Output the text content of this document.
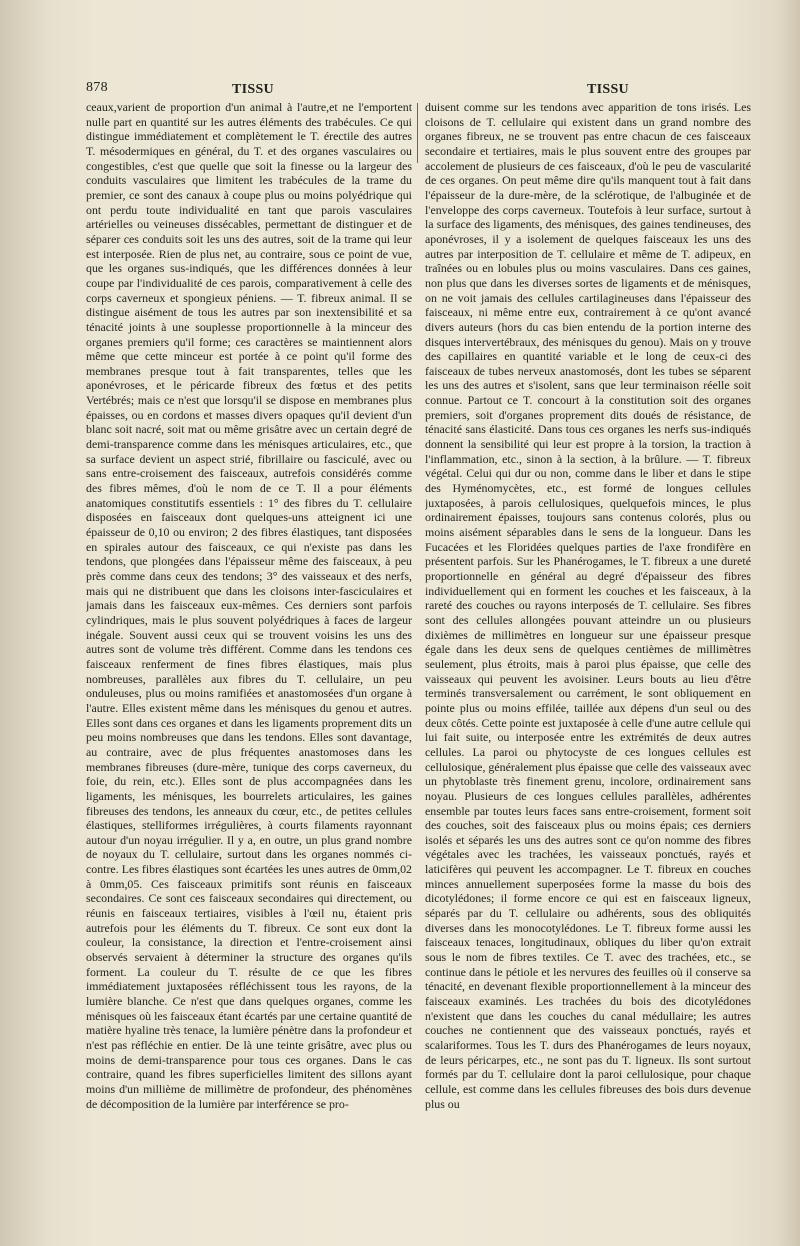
878	TISSU	TISSU

ceaux,varient de proportion d'un animal à l'autre,et ne l'emportent nulle part en quantité sur les autres éléments des trabécules. Ce qui distingue immédiatement et complètement le T. érectile des autres T. mésodermiques en général, du T. et des organes vasculaires ou congestibles, c'est que quelle que soit la finesse ou la largeur des conduits vasculaires que limitent les trabécules de la trame du premier, ce sont des canaux à coupe plus ou moins polyédrique qui ont perdu toute individualité en tant que parois vasculaires artérielles ou veineuses dissécables, permettant de distinguer et de séparer ces conduits soit les uns des autres, soit de la trame qui leur est interposée. Rien de plus net, au contraire, sous ce point de vue, que les organes sus-indiqués, que les différences données à leur coupe par l'individualité de ces parois, comparativement à celle des corps caverneux et spongieux péniens. — T. fibreux animal. Il se distingue aisément de tous les autres par son inextensibilité et sa ténacité joints à une souplesse proportionnelle à la minceur des organes premiers qu'il forme; ces caractères se maintiennent alors même que cette minceur est portée à ce point qu'il forme des membranes presque tout à fait transparentes, telles que les aponévroses, et le péricarde fibreux des fœtus et des petits Vertébrés; mais ce n'est que lorsqu'il se dispose en membranes plus épaisses, ou en cordons et masses divers opaques qu'il devient d'un blanc soit nacré, soit mat ou même grisâtre avec un certain degré de demi-transparence comme dans les ménisques articulaires, etc., que sa surface devient un aspect strié, fibrillaire ou fasciculé, avec ou sans entre-croisement des faisceaux, autrefois considérés comme des fibres mêmes, d'où le nom de ce T. Il a pour éléments anatomiques constitutifs essentiels : 1° des fibres du T. cellulaire disposées en faisceaux dont quelques-uns atteignent ici une épaisseur de 0,10 ou environ; 2 des fibres élastiques, tant disposées en spirales autour des faisceaux, ce qui n'existe pas dans les tendons, que plongées dans l'épaisseur même des faisceaux, à peu près comme dans ceux des tendons; 3° des vaisseaux et des nerfs, mais qui ne distribuent que dans les cloisons inter-fasciculaires et jamais dans les faisceaux eux-mêmes. Ces derniers sont parfois cylindriques, mais le plus souvent polyédriques à faces de largeur inégale. Souvent aussi ceux qui se trouvent voisins les uns des autres sont de volume très différent. Comme dans les tendons ces faisceaux renferment de fines fibres élastiques, mais plus nombreuses, parallèles aux fibres du T. cellulaire, un peu onduleuses, plus ou moins ramifiées et anastomosées d'un organe à l'autre. Elles existent même dans les ménisques du genou et autres. Elles sont dans ces organes et dans les ligaments proprement dits un peu moins nombreuses que dans les tendons. Elles sont davantage, au contraire, avec de plus fréquentes anastomoses dans les membranes fibreuses (dure-mère, tunique des corps caverneux, du foie, du rein, etc.). Elles sont de plus accompagnées dans les ligaments, les ménisques, les bourrelets articulaires, les gaines fibreuses des tendons, les anneaux du cœur, etc., de petites cellules élastiques, stelliformes irrégulières, à courts filaments rayonnant autour d'un noyau irrégulier. Il y a, en outre, un plus grand nombre de noyaux du T. cellulaire, surtout dans les organes nommés ci-contre. Les fibres élastiques sont écartées les unes autres de 0mm,02 à 0mm,05. Ces faisceaux primitifs sont réunis en faisceaux secondaires. Ce sont ces faisceaux secondaires qui directement, ou réunis en faisceaux tertiaires, visibles à l'œil nu, étaient pris autrefois pour les éléments du T. fibreux. Ce sont eux dont la couleur, la consistance, la direction et l'entre-croisement ainsi observés servaient à déterminer la structure des organes qu'ils forment. La couleur du T. résulte de ce que les fibres immédiatement juxtaposées réfléchissent tous les rayons, de la lumière blanche. Ce n'est que dans quelques organes, comme les ménisques où les faisceaux étant écartés par une certaine quantité de matière hyaline très tenace, la lumière pénètre dans la profondeur et n'est pas réfléchie en entier. De là une teinte grisâtre, avec plus ou moins de demi-transparence pour tous ces organes. Dans le cas contraire, quand les fibres superficielles limitent des sillons ayant moins d'un millième de millimètre de profondeur, des phénomènes de décomposition de la lumière par interférence se pro-

duisent comme sur les tendons avec apparition de tons irisés. Les cloisons de T. cellulaire qui existent dans un grand nombre des organes fibreux, ne se trouvent pas entre chacun de ces faisceaux secondaire et tertiaires, mais le plus souvent entre des groupes par accolement de plusieurs de ces faisceaux, d'où le peu de vascularité de ces organes. On peut même dire qu'ils manquent tout à fait dans l'épaisseur de la dure-mère, de la sclérotique, de l'albuginée et de l'enveloppe des corps caverneux. Toutefois à leur surface, surtout à la surface des ligaments, des ménisques, des gaines tendineuses, des aponévroses, il y a isolement de quelques faisceaux les uns des autres par interposition de T. cellulaire et même de T. adipeux, en traînées ou en lobules plus ou moins vasculaires. Dans ces gaines, non plus que dans les diverses sortes de ligaments et de ménisques, on ne voit jamais des cellules cartilagineuses dans l'épaisseur des faisceaux, ni même entre eux, contrairement à ce qu'ont avancé divers auteurs (hors du cas bien entendu de la portion interne des disques intervertébraux, des ménisques du genou). Mais on y trouve des capillaires en quantité variable et le long de ceux-ci des faisceaux de tubes nerveux anastomosés, dont les tubes se séparent les uns des autres et s'isolent, sans que leur terminaison réelle soit connue. Partout ce T. concourt à la constitution soit des organes premiers, soit d'organes proprement dits doués de résistance, de ténacité sans élasticité. Dans tous ces organes les nerfs sus-indiqués donnent la sensibilité qui leur est propre à la torsion, la traction à l'inflammation, etc., sinon à la section, à la brûlure. — T. fibreux végétal. Celui qui dur ou non, comme dans le liber et dans le stipe des Hyménomycètes, etc., est formé de longues cellules juxtaposées, à parois cellulosiques, quelquefois minces, le plus ordinairement épaisses, toujours sans contenus colorés, plus ou moins aisément séparables dans le sens de la longueur. Dans les Fucacées et les Floridées quelques parties de l'axe frondifère en présentent parfois. Sur les Phanérogames, le T. fibreux a une dureté proportionnelle en général au degré d'épaisseur des fibres individuellement qui en forment les couches et les faisceaux, à la rareté des couches ou rayons interposés de T. cellulaire. Ses fibres sont des cellules allongées pouvant atteindre un ou plusieurs dixièmes de millimètres en longueur sur une épaisseur presque égale dans les deux sens de quelques centièmes de millimètres seulement, plus étroits, mais à paroi plus épaisse, que celle des vaisseaux qui peuvent les avoisiner. Leurs bouts au lieu d'être terminés transversalement ou carrément, le sont obliquement en pointe plus ou moins effilée, taillée aux dépens d'un seul ou des deux côtés. Cette pointe est juxtaposée à celle d'une autre cellule qui lui fait suite, ou interposée entre les extrémités de deux autres cellules. La paroi ou phytocyste de ces longues cellules est cellulosique, généralement plus épaisse que celle des vaisseaux avec un phytoblaste très finement grenu, incolore, ordinairement sans noyau. Plusieurs de ces longues cellules parallèles, adhérentes ensemble par toutes leurs faces sans entre-croisement, forment soit des couches, soit des faisceaux plus ou moins épais; ces derniers isolés et séparés les uns des autres sont ce qu'on nomme des fibres végétales avec les trachées, les vaisseaux ponctués, rayés et laticifères qui peuvent les accompagner. Le T. fibreux en couches minces annuellement superposées forme la masse du bois des dicotylédones; il forme encore ce qui est en faisceaux ligneux, séparés par du T. cellulaire ou adhérents, sous des obliquités diverses dans les monocotylédones. Le T. fibreux forme aussi les faisceaux tenaces, longitudinaux, obliques du liber qu'on extrait sous le nom de fibres textiles. Ce T. avec des trachées, etc., se continue dans le pétiole et les nervures des feuilles où il conserve sa ténacité, en devenant flexible proportionnellement à la minceur des faisceaux examinés. Les trachées du bois des dicotylédones n'existent que dans les couches du canal médullaire; les autres couches ne contiennent que des vaisseaux ponctués, rayés et scalariformes. Tous les T. durs des Phanérogames de leurs noyaux, de leurs péricarpes, etc., ne sont pas du T. ligneux. Ils sont surtout formés par du T. cellulaire dont la paroi cellulosique, pour chaque cellule, est comme dans les cellules fibreuses des bois durs devenue plus ou
